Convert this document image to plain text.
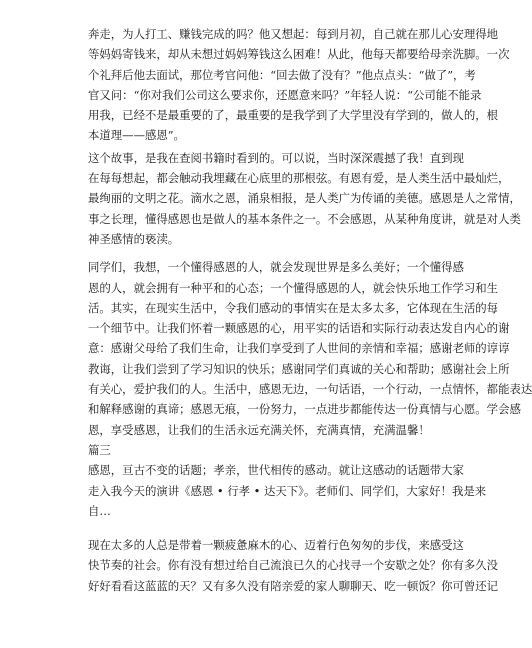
奔走，为人打工、赚钱完成的吗？他又想起：每到月初，自己就在那儿心安理得地
等妈妈寄钱来，却从未想过妈妈筹钱这么困难！从此，他每天都要给母亲洗脚。一次
个礼拜后他去面试，那位考官问他：“回去做了没有？”他点点头：“做了”，考
官又问：“你对我们公司这么要求你，还愿意来吗？”年轻人说：“公司能不能录
用我，已经不是最重要的了，最重要的是我学到了大学里没有学到的，做人的，根
本道理——感恩”。

这个故事，是我在查阅书籍时看到的。可以说，当时深深震撼了我！直到现
在每每想起，都会触动我埋藏在心底里的那根弦。有恩有爱，是人类生活中最灿烂，
最绚丽的文明之花。滴水之恩，涌泉相报，是人类广为传诵的美德。感恩是人之常情，
事之长理，懂得感恩也是做人的基本条件之一。不会感恩，从某种角度讲，就是对人类
神圣感情的亵渎。

同学们，我想，一个懂得感恩的人，就会发现世界是多么美好；一个懂得感
恩的人，就会拥有一种平和的心态；一个懂得感恩的人，就会快乐地工作学习和生
活。其实，在现实生活中，令我们感动的事情实在是太多太多，它体现在生活的每
一个细节中。让我们怀着一颗感恩的心，用平实的话语和实际行动表达发自内心的谢
意：感谢父母给了我们生命，让我们享受到了人世间的亲情和幸福；感谢老师的谆谆
教诲，让我们尝到了学习知识的快乐；感谢同学们真诚的关心和帮助；感谢社会上所
有关心，爱护我们的人。生活中，感恩无边，一句话语，一个行动，一点情怀，都能表达
和解释感谢的真谛；感恩无痕，一份努力，一点进步都能传达一份真情与心愿。学会感
恩，享受感恩，让我们的生活永远充满关怀，充满真情，充满温馨！

篇三

感恩，亘古不变的话题；孝亲，世代相传的感动。就让这感动的话题带大家
走入我今天的演讲《感恩 • 行孝 • 达天下》。老师们、同学们，大家好！我是来
自…

现在太多的人总是带着一颗疲惫麻木的心、迈着行色匆匆的步伐，来感受这
快节奏的社会。你有没有想过给自己流浪已久的心找寻一个安歇之处？你有多久没
好好看看这蓝蓝的天？又有多久没有陪亲爱的家人聊聊天、吃一顿饭？你可曾还记
